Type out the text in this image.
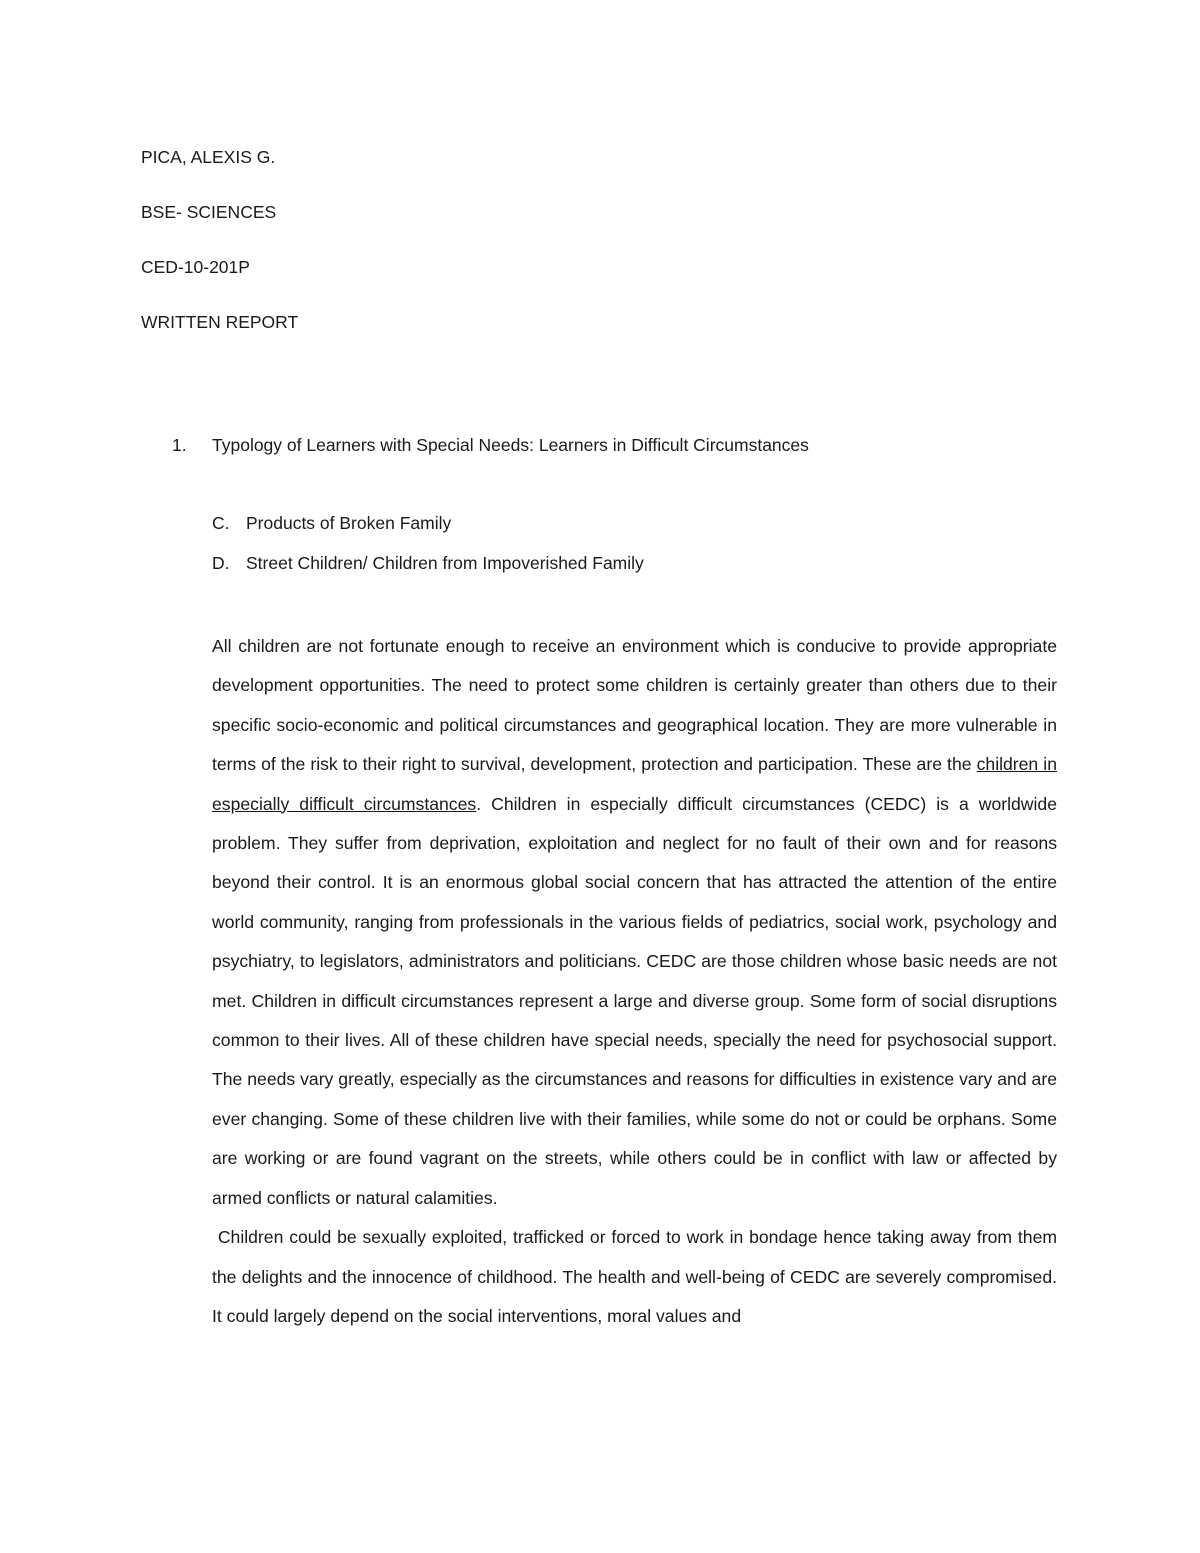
PICA, ALEXIS G.
BSE- SCIENCES
CED-10-201P
WRITTEN REPORT
1. Typology of Learners with Special Needs: Learners in Difficult Circumstances
C. Products of Broken Family
D. Street Children/ Children from Impoverished Family

All children are not fortunate enough to receive an environment which is conducive to provide appropriate development opportunities. The need to protect some children is certainly greater than others due to their specific socio-economic and political circumstances and geographical location. They are more vulnerable in terms of the risk to their right to survival, development, protection and participation. These are the children in especially difficult circumstances. Children in especially difficult circumstances (CEDC) is a worldwide problem. They suffer from deprivation, exploitation and neglect for no fault of their own and for reasons beyond their control. It is an enormous global social concern that has attracted the attention of the entire world community, ranging from professionals in the various fields of pediatrics, social work, psychology and psychiatry, to legislators, administrators and politicians. CEDC are those children whose basic needs are not met. Children in difficult circumstances represent a large and diverse group. Some form of social disruptions common to their lives. All of these children have special needs, specially the need for psychosocial support. The needs vary greatly, especially as the circumstances and reasons for difficulties in existence vary and are ever changing. Some of these children live with their families, while some do not or could be orphans. Some are working or are found vagrant on the streets, while others could be in conflict with law or affected by armed conflicts or natural calamities.

Children could be sexually exploited, trafficked or forced to work in bondage hence taking away from them the delights and the innocence of childhood. The health and well-being of CEDC are severely compromised. It could largely depend on the social interventions, moral values and
